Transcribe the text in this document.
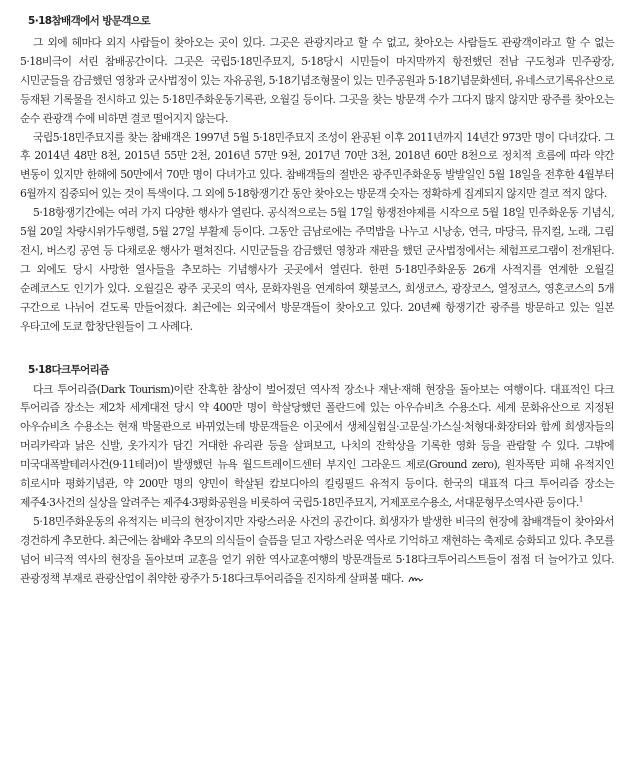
5·18참배객에서 방문객으로

그 외에 헤마다 외지 사람들이 찾아오는 곳이 있다. 그곳은 관광지라고 할 수 없고, 찾아오는 사람들도 관광객이라고 할 수 없는 5·18비극이 서린 참배공간이다. 그곳은 국립5·18민주묘지, 5·18당시 시민들이 마지막까지 항전했던 전남 구도청과 민주광장, 시민군들을 감금했던 영창과 군사법정이 있는 자유공원, 5·18기념조형물이 있는 민주공원과 5·18기념문화센터, 유네스코기록유산으로 등재된 기록물을 전시하고 있는 5·18민주화운동기록관, 오월길 등이다. 그곳을 찾는 방문객 수가 그다지 많지 않지만 광주를 찾아오는 순수 관광객 수에 비하면 결코 떨어지지 않는다.

국립5·18민주묘지를 찾는 참배객은 1997년 5월 5·18민주묘지 조성이 완공된 이후 2011년까지 14년간 973만 명이 다녀갔다. 그 후 2014년 48만 8천, 2015년 55만 2천, 2016년 57만 9천, 2017년 70만 3천, 2018년 60만 8천으로 정치적 흐름에 따라 약간 변동이 있지만 한해에 50만에서 70만 명이 다녀가고 있다. 참배객들의 절반은 광주민주화운동 발발일인 5월 18일을 전후한 4월부터 6월까지 집중되어 있는 것이 특색이다. 그 외에 5·18항쟁기간 동안 찾아오는 방문객 숫자는 정확하게 집계되지 않지만 결코 적지 않다.

5·18항쟁기간에는 여러 가지 다양한 행사가 열린다. 공식적으로는 5월 17일 항쟁전야제를 시작으로 5월 18일 민주화운동 기념식, 5월 20일 차량시위가두행렬, 5월 27일 부활제 등이다. 그동안 금남로에는 주먹밥을 나누고 시낭송, 연극, 마당극, 뮤지컬, 노래, 그림 전시, 버스킹 공연 등 다채로운 행사가 펼쳐진다. 시민군들을 감금했던 영창과 재판을 했던 군사법정에서는 체험프로그램이 전개된다. 그 외에도 당시 사망한 열사들을 추모하는 기념행사가 곳곳에서 열린다. 한편 5·18민주화운동 26개 사적지를 연계한 오월길 순례코스도 인기가 있다. 오월길은 광주 곳곳의 역사, 문화자원을 연계하여 횃불코스, 희생코스, 광장코스, 열정코스, 영혼코스의 5개 구간으로 나뉘어 걷도록 만들어졌다. 최근에는 외국에서 방문객들이 찾아오고 있다. 20년째 항쟁기간 광주를 방문하고 있는 일본 우타고에 도쿄 합창단원들이 그 사례다.

5·18다크투어리즘

다크 투어리즘(Dark Tourism)이란 잔혹한 참상이 벌어졌던 역사적 장소나 재난·재해 현장을 돌아보는 여행이다. 대표적인 다크 투어리즘 장소는 제2차 세계대전 당시 약 400만 명이 학살당했던 폴란드에 있는 아우슈비츠 수용소다. 세계 문화유산으로 지정된 아우슈비츠 수용소는 현재 박물관으로 바뀌었는데 방문객들은 이곳에서 생체실험실·고문실·가스실·처형대·화장터와 함께 희생자들의 머리카락과 낡은 신발, 옷가지가 담긴 거대한 유리관 등을 살펴보고, 나치의 잔학상을 기록한 영화 등을 관람할 수 있다. 그밖에 미국대폭발테러사건(9·11테러)이 발생했던 뉴욕 월드트레이드센터 부지인 그라운드 제로(Ground zero), 원자폭탄 피해 유적지인 히로시마 평화기념관, 약 200만 명의 양민이 학살된 캄보디아의 킬링필드 유적지 등이다. 한국의 대표적 다크 투어리즘 장소는 제주4·3사건의 실상을 알려주는 제주4·3평화공원을 비롯하여 국립5·18민주묘지, 거제포로수용소, 서대문형무소역사관 등이다.$^1$

5·18민주화운동의 유적지는 비극의 현장이지만 자랑스러운 사건의 공간이다. 희생자가 발생한 비극의 현장에 참배객들이 찾아와서 경건하게 추모한다. 최근에는 참배와 추모의 의식들이 슬픔을 딛고 자랑스러운 역사로 기억하고 재현하는 축제로 승화되고 있다. 추모를 넘어 비극적 역사의 현장을 돌아보며 교훈을 얻기 위한 역사교훈여행의 방문객들로 5·18다크투어리스트들이 점점 더 늘어가고 있다. 관광정책 부재로 관광산업이 취약한 광주가 5·18다크투어리즘을 진지하게 살펴볼 때다.
